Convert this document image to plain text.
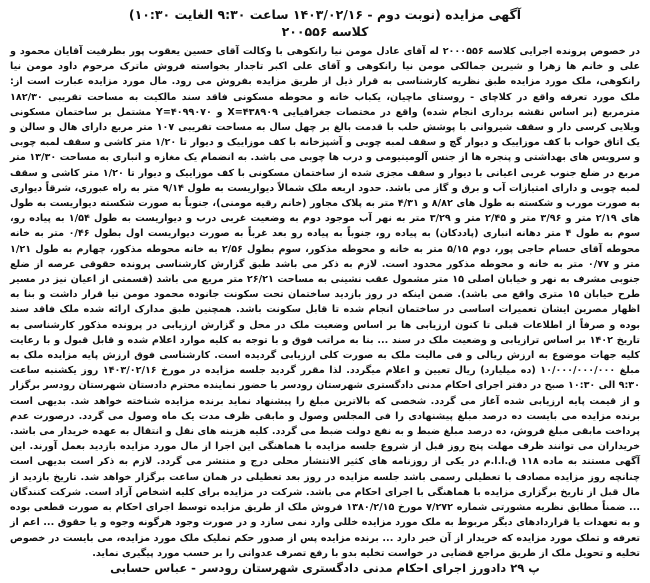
آگهی مزایده (نوبت دوم - ۱۴۰۳/۰۲/۱۶ ساعت ۹:۳۰ الغایت ۱۰:۳۰)

کلاسه ۲۰۰۵۵۶

در خصوص پرونده اجرایی کلاسه ۲۰۰۰۵۵۶ له آقای عادل مومن نیا رانکوهی با وکالت آقای حسین یعقوب پور بطرفیت آقایان محمود و علی و خانم ها زهرا و شیرین جمالکی مومن نیا رانکوهی و آقای علی اکبر تاجدار بخواسته فروش ماترک مرحوم داود مومن نیا رانکوهی، ملک مورد مزایده طبق نظریه کارشناسی به قرار ذیل از طریق مزایده بفروش می رود. مال مورد مزایده عبارت است از: ملک مورد تعرفه واقع در کلاچای - روستای ماچیان، یکباب خانه و محوطه مسکونی فاقد سند مالکیت به مساحت تقریبی ۱۸۲/۳۰ مترمربع (بر اساس نقشه برداری انجام شده) واقع در مختصات جغرافیایی X=۴۳۸۹۰۹ و Y=۴۰۹۹۰۷۰ مشتمل بر ساختمان مسکونی ویلایی کرسی دار و سقف شیروانی با پوشش حلب با قدمت بالغ بر چهل سال به مساحت تقریبی ۱۰۷ متر مربع دارای هال و سالن و یک اتاق خواب با کف موزاییک و دیوار گچ و سقف لمبه چوبی و آشپزخانه با کف موزاییک و دیوار تا ۱/۲۰ متر کاشی و سقف لمبه چوبی و سرویس های بهداشتی و پنجره ها از جنس آلومینیومی و درب ها چوبی می باشد. به انضمام یک مغازه و انباری به مساحت ۱۳/۳۰ متر مربع در ضلع جنوب غربی اعیانی با دیوار و سقف مجزی شده از ساختمان مسکونی با کف موزاییک و دیوار تا ۱/۲۰ متر کاشی و سقف لمبه چوبی و دارای امتیازات آب و برق و گاز می باشد. حدود اربعه ملک شمالاً دیواریست به طول ۹/۱۴ متر به راه عبوری، شرقاً دیواری به صورت مورب و شکسته به طول های ۸/۸۲ و ۴/۳۱ متر به پلاک مجاور (خانم رقیه مومنی)، جنوباً به صورت شکسته دیواریست به طول های ۲/۱۹ متر و ۳/۹۶ متر و ۲/۴۵ متر و ۳/۲۹ متر به نهر آب موجود دوم به وضعیت غربی درب و دیواریست به طول ۱/۵۴ به پیاده رو، سوم به طول ۴ متر دهانه انباری (پاددکان) به پیاده رو، جنوباً به پیاده رو بعد غرباً به صورت دیواریست اول بطول ۰/۴۶ متر به خانه محوطه آقای حسام حاجی پور، دوم ۵/۱۵ متر به خانه و محوطه مذکور، سوم بطول ۲/۵۶ به خانه محوطه مذکور، چهارم به طول ۱/۲۱ متر و ۰/۷۷ متر به خانه و محوطه مذکور محدود است. لازم به ذکر می باشد طبق گزارش کارشناسی پرونده حقوقی عرصه از ضلع جنوبی مشرف به نهر و خیابان اصلی ۱۵ متر مشمول عقب نشینی به مساحت ۲۶/۲۱ متر مربع می باشد (قسمتی از اعیان نیز در مسیر طرح خیابان ۱۵ متری واقع می باشد). ضمن اینکه در روز بازدید ساختمان تحت سکونت جانوده محمود مومن نیا قرار داشت و بنا به اظهار مصرین ایشان تعمیرات اساسی در ساختمان انجام شده تا قابل سکونت باشد. همچنین طبق مدارک ارائه شده ملک فاقد سند بوده و صرفاً از اطلاعات قبلی تا کنون ارزیابی ها بر اساس وضعیت ملک در محل و گزارش ارزیابی در پرونده مذکور کارشناسی به تاریخ ۱۴۰۲ بر اساس ترازیابی و وضعیت ملک در سند ... بنا به مراتب فوق و با توجه به کلیه موارد اعلام شده و قابل قبول و با رعایت کلیه جهات موضوع به ارزش ریالی و فی مالیت ملک به صورت کلی ارزیابی گردیده است. کارشناسی فوق ارزش پایه مزایده ملک به مبلغ ۱۰/۰۰۰/۰۰۰/۰۰۰ (ده میلیارد) ریال تعیین و اعلام میگردد. لذا مقرر گردید جلسه مزایده در مورخ ۱۴۰۳/۰۲/۱۶ روز یکشنبه ساعت ۹:۳۰ الی ۱۰:۳۰ صبح در دفتر اجرای احکام مدنی دادگستری شهرستان رودسر با حضور نماینده محترم دادستان شهرستان رودسر برگزار و از قیمت پایه ارزیابی شده آغاز می گردد. شخصی که بالاترین مبلغ را پیشنهاد نماید برنده مزایده شناخته خواهد شد. بدیهی است برنده مزایده می بایست ده درصد مبلغ پیشنهادی را فی المجلس وصول و مابقی ظرف مدت یک ماه وصول می گردد. درصورت عدم پرداخت مابقی مبلغ فروش، ده درصد مبلغ ضبط و به نفع دولت ضبط می گردد. کلیه هزینه های نقل و انتقال به عهده خریدار می باشد. خریداران می توانند ظرف مهلت پنج روز قبل از شروع جلسه مزایده با هماهنگی این اجرا از مال مورد مزایده بازدید بعمل آورند. این آگهی مستند به ماده ۱۱۸ ق.ا.ا.م در یکی از روزنامه های کثیر الانتشار محلی درج و منتشر می گردد. لازم به ذکر است بدیهی است چنانچه روز مزایده مصادف با تعطیلی رسمی باشد جلسه مزایده در روز بعد تعطیلی در همان ساعت برگزار خواهد شد. تاریخ بازدید از مال قبل از تاریخ برگزاری مزایده با هماهنگی با اجرای احکام می باشد. شرکت در مزایده برای کلیه اشخاص آزاد است. شرکت کنندگان ... ضمناً مطابق نظریه مشورتی شماره ۷/۲۷۲ مورخ ۱۳۸۰/۲/۱۵ فروش ملک از طریق مزایده توسط اجرای احکام به صورت قطعی بوده و به تعهدات یا قراردادهای دیگر مربوط به ملک مورد مزایده خللی وارد نمی سازد و در صورت وجود هرگونه وجوه و یا حقوق ... اعم از تعرفه و تملک مورد مزایده که خریدار از آن خبر دارد ... برنده مزایده پس از صدور حکم تملیک ملک مورد مزایده، می بایست در خصوص تخلیه و تحویل ملک از طریق مراجع قضایی در خواست تخلیه بدو با رفع تصرف عدوانی را بر حسب مورد پیگیری نماید.
پ ۲۹ دادورز اجرای احکام مدنی دادگستری شهرستان رودسر - عباس حسابی
